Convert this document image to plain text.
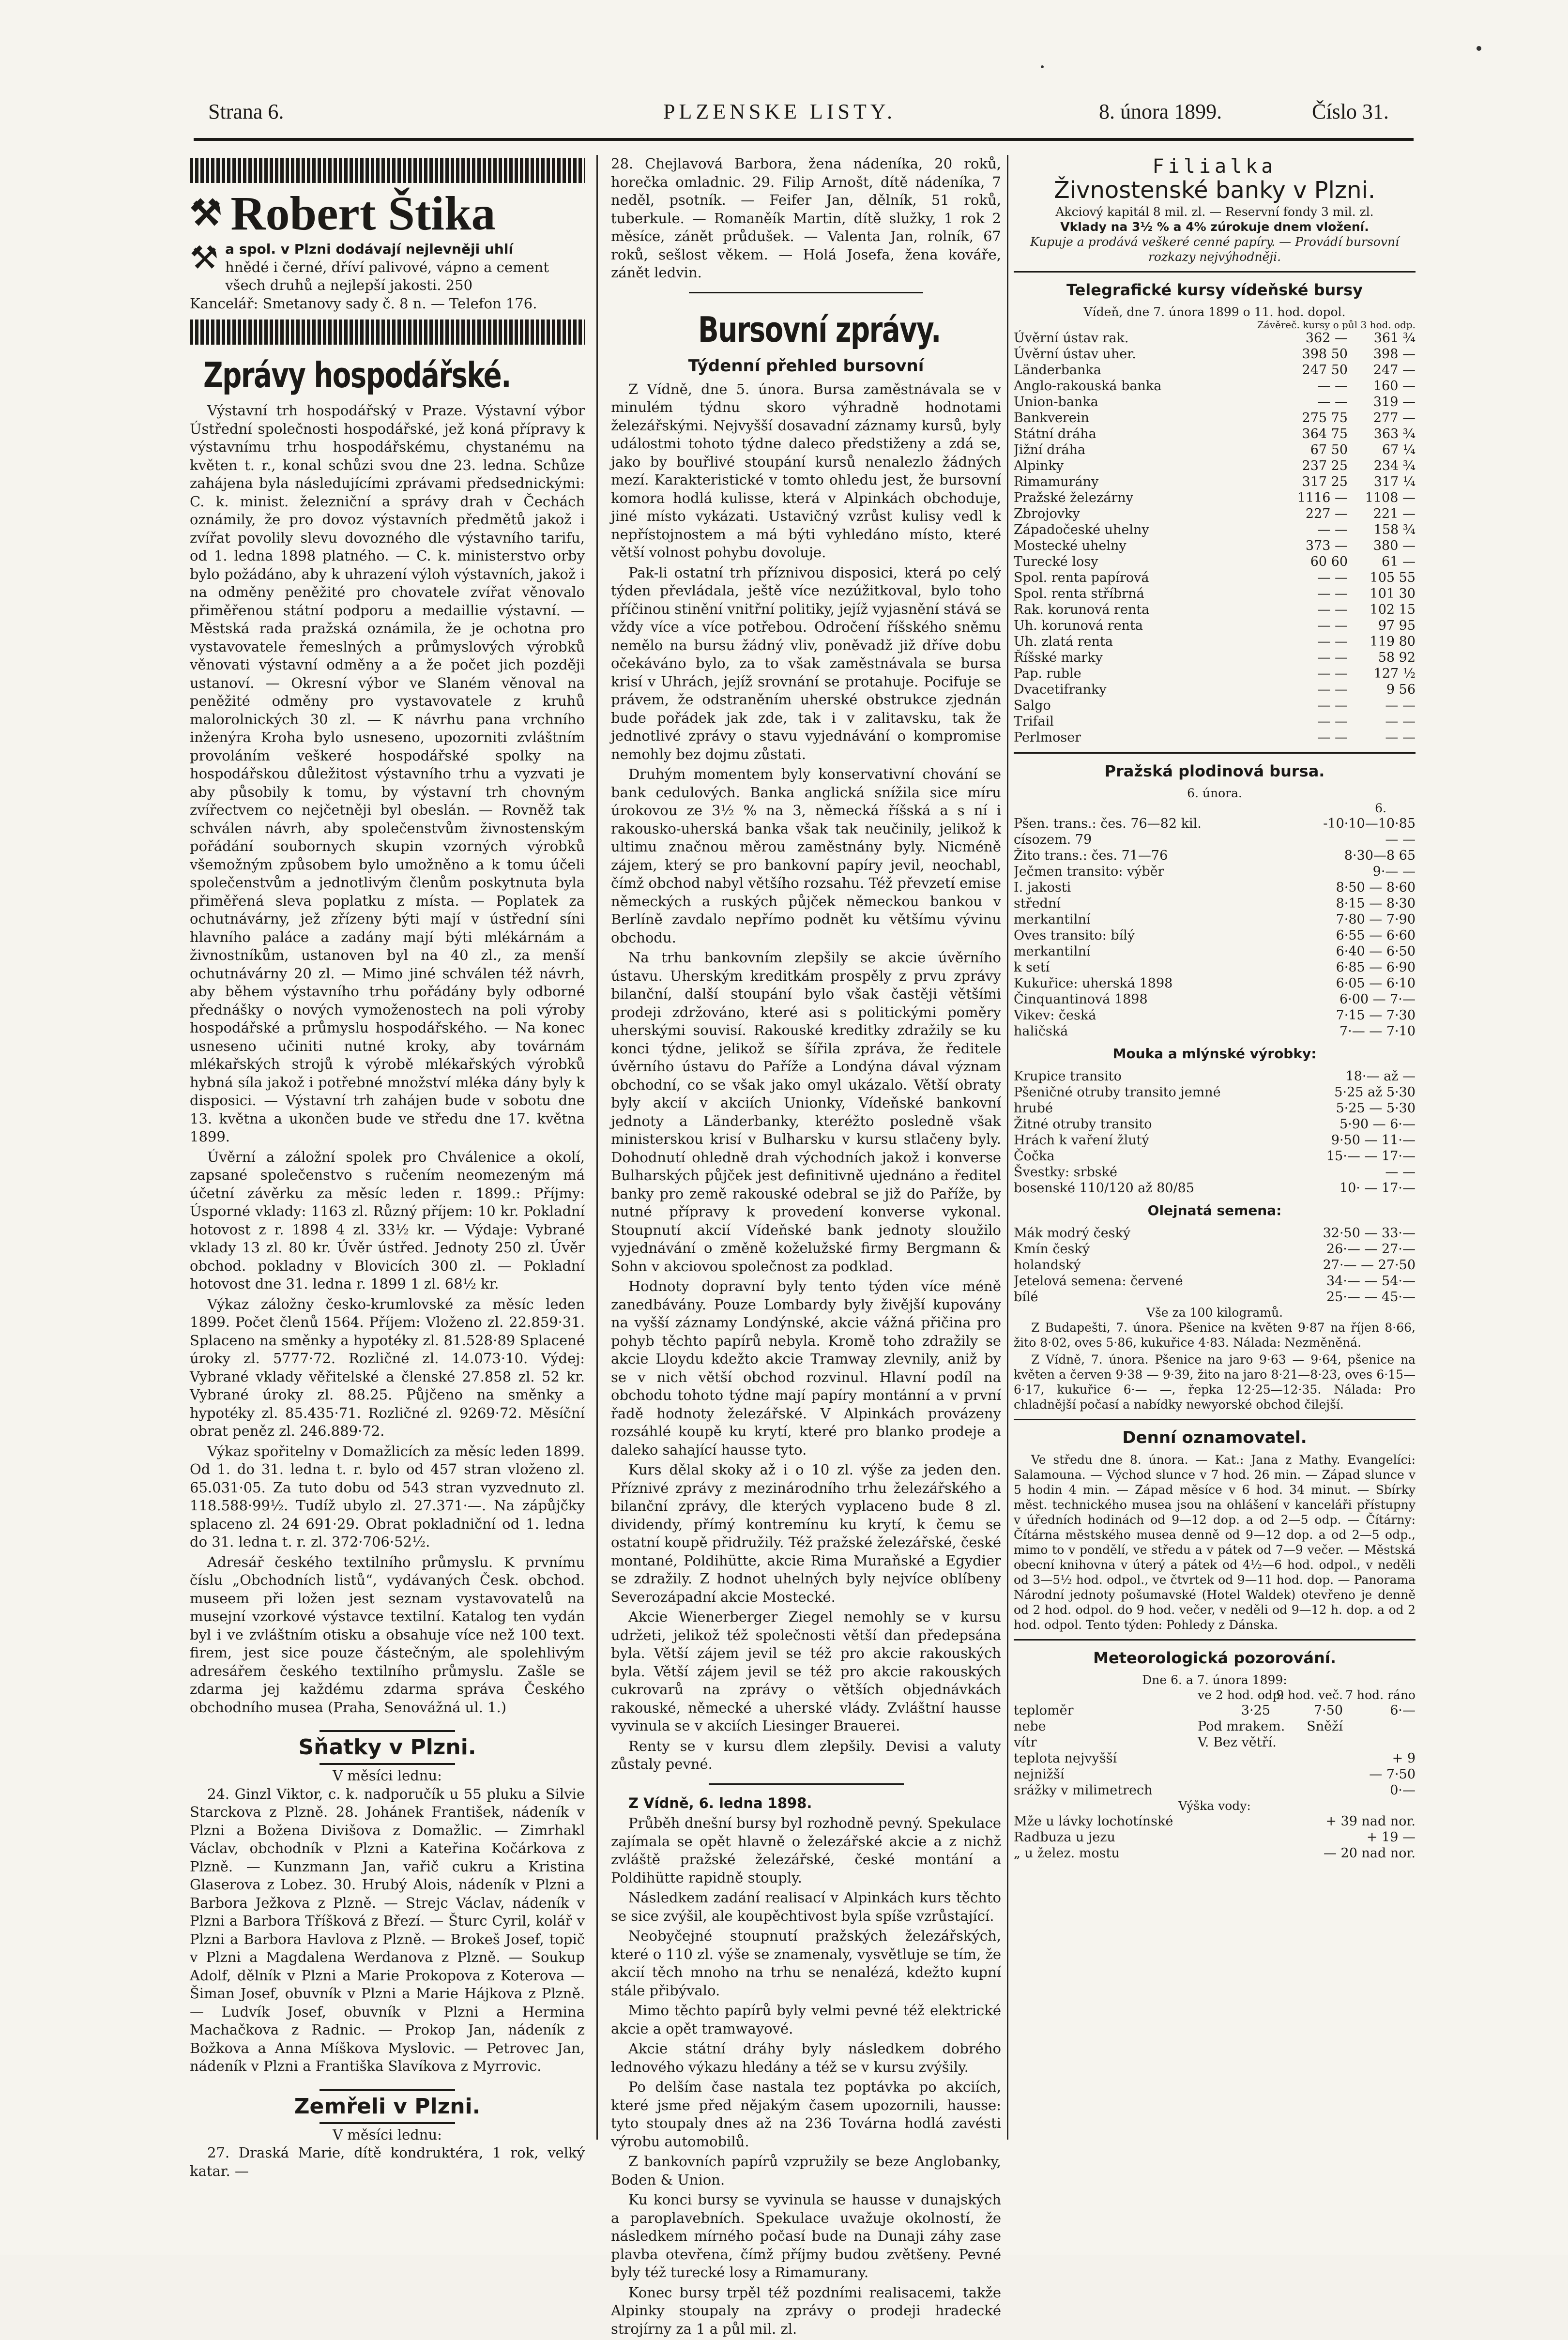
Strana 6.	PLZENSKE LISTY.	8. února 1899.	Číslo 31.
⚒ Robert Štika
⚒ a spol. v Plzni dodávají nejlevněji uhlí
hnědé i černé, dříví palivové, vápno a cement
všech druhů a nejlepší jakosti. 250
Kancelář: Smetanovy sady č. 8 n. — Telefon 176.
Zprávy hospodářské.

Výstavní trh hospodářský v Praze. Výstavní výbor Ústřední společnosti hospodářské, jež koná přípravy k výstavnímu trhu hospodářskému, chystanému na květen t. r., konal schůzi svou dne 23. ledna. Schůze zahájena byla následujícími zprávami předsednickými: C. k. minist. železniční a správy drah v Čechách oznámily, že pro dovoz výstavních předmětů jakož i zvířat povolily slevu dovozného dle výstavního tarifu, od 1. ledna 1898 platného. — C. k. ministerstvo orby bylo požádáno, aby k uhrazení výloh výstavních, jakož i na odměny peněžité pro chovatele zvířat věnovalo přiměřenou státní podporu a medaillie výstavní. — Městská rada pražská oznámila, že je ochotna pro vystavovatele řemeslných a průmyslových výrobků věnovati výstavní odměny a a že počet jich později ustanoví. — Okresní výbor ve Slaném věnoval na peněžité odměny pro vystavovatele z kruhů malorolnických 30 zl. — K návrhu pana vrchního inženýra Kroha bylo usneseno, upozorniti zvláštním provoláním veškeré hospodářské spolky na hospodářskou důležitost výstavního trhu a vyzvati je aby působily k tomu, by výstavní trh chovným zvířectvem co nejčetněji byl obeslán. — Rovněž tak schválen návrh, aby společenstvům živnostenským pořádání soubornych skupin vzorných výrobků všemožným způsobem bylo umožněno a k tomu účeli společenstvům a jednotlivým členům poskytnuta byla přiměřená sleva poplatku z místa. — Poplatek za ochutnávárny, jež zřízeny býti mají v ústřední síni hlavního paláce a zadány mají býti mlékárnám a živnostníkům, ustanoven byl na 40 zl., za menší ochutnávárny 20 zl. — Mimo jiné schválen též návrh, aby během výstavního trhu pořádány byly odborné přednášky o nových vymoženostech na poli výroby hospodářské a průmyslu hospodářského. — Na konec usneseno učiniti nutné kroky, aby továrnám mlékařských strojů k výrobě mlékařských výrobků hybná síla jakož i potřebné množství mléka dány byly k disposici. — Výstavní trh zahájen bude v sobotu dne 13. května a ukončen bude ve středu dne 17. května 1899.

Úvěrní a záložní spolek pro Chválenice a okolí, zapsané společenstvo s ručením neomezeným má účetní závěrku za měsíc leden r. 1899.: Příjmy: Úsporné vklady: 1163 zl. Různý příjem: 10 kr. Pokladní hotovost z r. 1898 4 zl. 33½ kr. — Výdaje: Vybrané vklady 13 zl. 80 kr. Úvěr ústřed. Jednoty 250 zl. Úvěr obchod. pokladny v Blovicích 300 zl. — Pokladní hotovost dne 31. ledna r. 1899 1 zl. 68½ kr.

Výkaz záložny česko-krumlovské za měsíc leden 1899. Počet členů 1564. Příjem: Vloženo zl. 22.859·31. Splaceno na směnky a hypotéky zl. 81.528·89 Splacené úroky zl. 5777·72. Rozličné zl. 14.073·10. Výdej: Vybrané vklady věřitelské a členské 27.858 zl. 52 kr. Vybrané úroky zl. 88.25. Půjčeno na směnky a hypotéky zl. 85.435·71. Rozličné zl. 9269·72. Měsíční obrat peněz zl. 246.889·72.

Výkaz spořitelny v Domažlicích za měsíc leden 1899. Od 1. do 31. ledna t. r. bylo od 457 stran vloženo zl. 65.031·05. Za tuto dobu od 543 stran vyzvednuto zl. 118.588·99½. Tudíž ubylo zl. 27.371·—. Na zápůjčky splaceno zl. 24 691·29. Obrat pokladniční od 1. ledna do 31. ledna t. r. zl. 372·706·52½.

Adresář českého textilního průmyslu. K prvnímu číslu „Obchodních listů“, vydávaných Česk. obchod. museem při ložen jest seznam vystavovatelů na musejní vzorkové výstavce textilní. Katalog ten vydán byl i ve zvláštním otisku a obsahuje více než 100 text. firem, jest sice pouze částečným, ale spolehlivým adresářem českého textilního průmyslu. Zašle se zdarma jej každému zdarma správa Českého obchodního musea (Praha, Senovážná ul. 1.)

Sňatky v Plzni.
V měsíci lednu:

24. Ginzl Viktor, c. k. nadporučík u 55 pluku a Silvie Starckova z Plzně. 28. Johánek František, nádeník v Plzni a Božena Divišova z Domažlic. — Zimrhakl Václav, obchodník v Plzni a Kateřina Kočárkova z Plzně. — Kunzmann Jan, vařič cukru a Kristina Glaserova z Lobez. 30. Hrubý Alois, nádeník v Plzni a Barbora Ježkova z Plzně. — Strejc Václav, nádeník v Plzni a Barbora Tříšková z Březí. — Šturc Cyril, kolář v Plzni a Barbora Havlova z Plzně. — Brokeš Josef, topič v Plzni a Magdalena Werdanova z Plzně. — Soukup Adolf, dělník v Plzni a Marie Prokopova z Koterova — Šiman Josef, obuvník v Plzni a Marie Hájkova z Plzně. — Ludvík Josef, obuvník v Plzni a Hermina Machačkova z Radnic. — Prokop Jan, nádeník z Božkova a Anna Míškova Myslovic. — Petrovec Jan, nádeník v Plzni a Františka Slavíkova z Myrrovic.

Zemřeli v Plzni.
V měsíci lednu:

27. Draská Marie, dítě kondruktéra, 1 rok, velký katar. —

28. Chejlavová Barbora, žena nádeníka, 20 roků, horečka omladnic. 29. Filip Arnošt, dítě nádeníka, 7 neděl, psotník. — Feifer Jan, dělník, 51 roků, tuberkule. — Romaněík Martin, dítě služky, 1 rok 2 měsíce, zánět průdušek. — Valenta Jan, rolník, 67 roků, sešlost věkem. — Holá Josefa, žena kováře, zánět ledvin.

Bursovní zprávy.
Týdenní přehled bursovní

Z Vídně, dne 5. února. Bursa zaměstnávala se v minulém týdnu skoro výhradně hodnotami železářskými. Nejvyšší dosavadní záznamy kursů, byly událostmi tohoto týdne daleco předstiženy a zdá se, jako by bouřlivé stoupání kursů nenalezlo žádných mezí. Karakteristické v tomto ohledu jest, že bursovní komora hodlá kulisse, která v Alpinkách obchoduje, jiné místo vykázati. Ustavičný vzrůst kulisy vedl k nepřístojnostem a má býti vyhledáno místo, které větší volnost pohybu dovoluje.

Pak-li ostatní trh příznivou disposici, která po celý týden převládala, ještě více nezúžitkoval, bylo toho příčinou stinění vnitřní politiky, jejíž vyjasnění stává se vždy více a více potřebou. Odročení říšského sněmu nemělo na bursu žádný vliv, poněvadž již dříve dobu očekáváno bylo, za to však zaměstnávala se bursa krisí v Uhrách, jejíž srovnání se protahuje. Pocifuje se právem, že odstraněním uherské obstrukce zjednán bude pořádek jak zde, tak i v zalitavsku, tak že jednotlivé zprávy o stavu vyjednávání o kompromise nemohly bez dojmu zůstati.

Druhým momentem byly konservativní chování se bank cedulových. Banka anglická snížila sice míru úrokovou ze 3½ % na 3, německá říšská a s ní i rakousko-uherská banka však tak neučinily, jelikož k ultimu značnou měrou zaměstnány byly. Nicméně zájem, který se pro bankovní papíry jevil, neochabl, čímž obchod nabyl většího rozsahu. Též převzetí emise německých a ruských půjček německou bankou v Berlíně zavdalo nepřímo podnět ku většímu vývinu obchodu.

Na trhu bankovním zlepšily se akcie úvěrního ústavu. Uherským kreditkám prospěly z prvu zprávy bilanční, další stoupání bylo však častěji většími prodeji zdržováno, které asi s politickými poměry uherskými souvisí. Rakouské kreditky zdražily se ku konci týdne, jelikož se šířila zpráva, že ředitele úvěrního ústavu do Paříže a Londýna dával význam obchodní, co se však jako omyl ukázalo. Větší obraty byly akcií v akciích Unionky, Vídeňské bankovní jednoty a Länderbanky, kteréžto posledně však ministerskou krisí v Bulharsku v kursu stlačeny byly. Dohodnutí ohledně drah východních jakož i konverse Bulharských půjček jest definitivně ujednáno a ředitel banky pro země rakouské odebral se již do Paříže, by nutné přípravy k provedení konverse vykonal. Stoupnutí akcií Vídeňské bank jednoty sloužilo vyjednávání o změně koželužské firmy Bergmann & Sohn v akciovou společnost za podklad.

Hodnoty dopravní byly tento týden více méně zanedbávány. Pouze Lombardy byly živější kupovány na vyšší záznamy Londýnské, akcie vážná přičina pro pohyb těchto papírů nebyla. Kromě toho zdražily se akcie Lloydu kdežto akcie Tramway zlevnily, aniž by se v nich větší obchod rozvinul. Hlavní podíl na obchodu tohoto týdne mají papíry montánní a v první řadě hodnoty železářské. V Alpinkách provázeny rozsáhlé koupě ku krytí, které pro blanko prodeje a daleko sahající hausse tyto.

Kurs dělal skoky až i o 10 zl. výše za jeden den. Příznivé zprávy z mezinárodního trhu železářského a bilanční zprávy, dle kterých vyplaceno bude 8 zl. dividendy, přímý kontremínu ku krytí, k čemu se ostatní koupě přidružily. Též pražské železářské, české montané, Poldihütte, akcie Rima Muraňské a Egydier se zdražily. Z hodnot uhelných byly nejvíce oblíbeny Severozápadní akcie Mostecké.

Akcie Wienerberger Ziegel nemohly se v kursu udržeti, jelikož též společnosti větší dan předepsána byla. Větší zájem jevil se též pro akcie rakouských byla. Větší zájem jevil se též pro akcie rakouských cukrovarů na zprávy o větších objednávkách rakouské, německé a uherské vlády. Zvláštní hausse vyvinula se v akciích Liesinger Brauerei.

Renty se v kursu dlem zlepšily. Devisi a valuty zůstaly pevné.

Z Vídně, 6. ledna 1898.

Průběh dnešní bursy byl rozhodně pevný. Spekulace zajímala se opět hlavně o železářské akcie a z nichž zvláště pražské železářské, české montání a Poldihütte rapidně stouply.

Následkem zadání realisací v Alpinkách kurs těchto se sice zvýšil, ale koupěchtivost byla spíše vzrůstající.

Neobyčejné stoupnutí pražských železářských, které o 110 zl. výše se znamenaly, vysvětluje se tím, že akcií těch mnoho na trhu se nenalézá, kdežto kupní stále přibývalo.

Mimo těchto papírů byly velmi pevné též elektrické akcie a opět tramwayové.

Akcie státní dráhy byly následkem dobrého lednového výkazu hledány a též se v kursu zvýšily.

Po delším čase nastala tez poptávka po akciích, které jsme před nějakým časem upozornili, hausse: tyto stoupaly dnes až na 236 Továrna hodlá zavésti výrobu automobilů.

Z bankovních papírů vzpružily se beze Anglobanky, Boden & Union.

Ku konci bursy se vyvinula se hausse v dunajských a paroplavebních. Spekulace uvažuje okolností, že následkem mírného počasí bude na Dunaji záhy zase plavba otevřena, čímž příjmy budou zvětšeny. Pevné byly též turecké losy a Rimamurany.

Konec bursy trpěl též pozdními realisacemi, takže Alpinky stoupaly na zprávy o prodeji hradecké strojírny za 1 a půl mil. zl.

Filialka
Živnostenské banky v Plzni.
Akciový kapitál 8 mil. zl. — Reservní fondy 3 mil. zl.
Vklady na 3½ % a 4% zúrokuje dnem vložení.
Kupuje a prodává veškeré cenné papíry. — Provádí bursovní rozkazy nejvýhodněji.
Telegrafické kursy vídeňské bursy
Vídeň, dne 7. února 1899 o 11. hod. dopol.
Závěreč. kursy o půl 3 hod. odp.
Úvěrní ústav rak.	362 —	361 ¾
Úvěrní ústav uher.	398 50	398 —
Länderbanka	247 50	247 —
Anglo-rakouská banka	— —	160 —
Union-banka	— —	319 —
Bankverein	275 75	277 —
Státní dráha	364 75	363 ¾
Jižní dráha	67 50	67 ¼
Alpinky	237 25	234 ¾
Rimamurány	317 25	317 ¼
Pražské železárny	1116 —	1108 —
Zbrojovky	227 —	221 —
Západočeské uhelny	— —	158 ¾
Mostecké uhelny	373 —	380 —
Turecké losy	60 60	61 —
Spol. renta papírová	— —	105 55
Spol. renta stříbrná	— —	101 30
Rak. korunová renta	— —	102 15
Uh. korunová renta	— —	97 95
Uh. zlatá renta	— —	119 80
Říšské marky	— —	58 92
Pap. ruble	— —	127 ½
Dvacetifranky	— —	9 56
Salgo	— —	— —
Trifail	— —	— —
Perlmoser	— —	— —
Pražská plodinová bursa.
6. února.
6.
Pšen. trans.: čes. 76—82 kil.	-10·10—10·85
císozem. 79	— —
Žito trans.: čes. 71—76	8·30—8 65
Ječmen transito: výběr	9·— —
I. jakosti	8·50 — 8·60
střední	8·15 — 8·30
merkantilní	7·80 — 7·90
Oves transito: bílý	6·55 — 6·60
merkantilní	6·40 — 6·50
k setí	6·85 — 6·90
Kukuřice: uherská 1898	6·05 — 6·10
Činquantinová 1898	6·00 — 7·—
Vikev: česká	7·15 — 7·30
haličská	7·— — 7·10
Mouka a mlýnské výrobky:
Krupice transito	18·— až —
Pšeničné otruby transito jemné	5·25 až 5·30
hrubé	5·25 — 5·30
Žitné otruby transito	5·90 — 6·—
Hrách k vaření žlutý	9·50 — 11·—
Čočka	15·— — 17·—
Švestky: srbské	— —
bosenské 110/120 až 80/85	10· — 17·—
Olejnatá semena:
Mák modrý český	32·50 — 33·—
Kmín český	26·— — 27·—
holandský	27·— — 27·50
Jetelová semena: červené	34·— — 54·—
bílé	25·— — 45·—
Vše za 100 kilogramů.

Z Budapešti, 7. února. Pšenice na květen 9·87 na říjen 8·66, žito 8·02, oves 5·86, kukuřice 4·83. Nálada: Nezměněná.

Z Vídně, 7. února. Pšenice na jaro 9·63 — 9·64, pšenice na květen a červen 9·38 — 9·39, žito na jaro 8·21—8·23, oves 6·15—6·17, kukuřice 6·— —, řepka 12·25—12·35. Nálada: Pro chladnější počasí a nabídky newyorské obchod čilejší.

Denní oznamovatel.

Ve středu dne 8. února. — Kat.: Jana z Mathy. Evangelíci: Salamouna. — Východ slunce v 7 hod. 26 min. — Západ slunce v 5 hodin 4 min. — Západ měsíce v 6 hod. 34 minut. — Sbírky měst. technického musea jsou na ohlášení v kanceláři přístupny v úředních hodinách od 9—12 dop. a od 2—5 odp. — Čítárny: Čítárna městského musea denně od 9—12 dop. a od 2—5 odp., mimo to v pondělí, ve středu a v pátek od 7—9 večer. — Městská obecní knihovna v úterý a pátek od 4½—6 hod. odpol., v neděli od 3—5½ hod. odpol., ve čtvrtek od 9—11 hod. dop. — Panorama Národní jednoty pošumavské (Hotel Waldek) otevřeno je denně od 2 hod. odpol. do 9 hod. večer, v neděli od 9—12 h. dop. a od 2 hod. odpol. Tento týden: Pohledy z Dánska.

Meteorologická pozorování.
Dne 6. a 7. února 1899:
ve 2 hod. odp.
9 hod. več. 7 hod. ráno
teploměr	3·25	7·50	6·—
nebe	Pod mrakem.	Sněží
vítr	V. Bez větří.
teplota nejvyšší	+ 9
nejnižší	— 7·50
srážky v milimetrech	0·—
Výška vody:
Mže u lávky lochotínské	+ 39 nad nor.
Radbuza u jezu	+ 19 —
„ u želez. mostu	— 20 nad nor.
